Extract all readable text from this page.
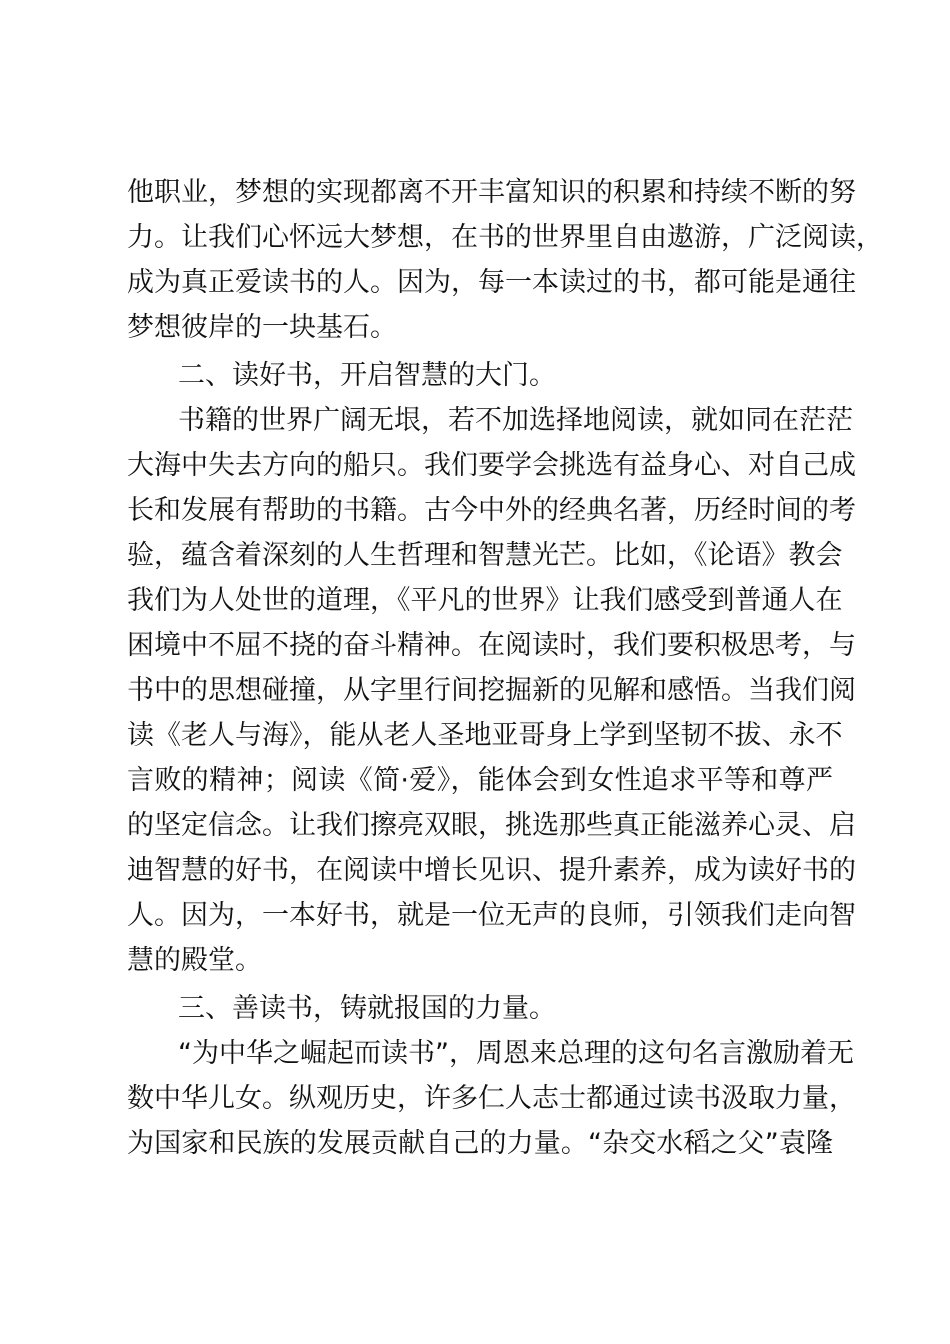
他职业，梦想的实现都离不开丰富知识的积累和持续不断的努
力。让我们心怀远大梦想，在书的世界里自由遨游，广泛阅读，
成为真正爱读书的人。因为，每一本读过的书，都可能是通往
梦想彼岸的一块基石。
二、读好书，开启智慧的大门。
书籍的世界广阔无垠，若不加选择地阅读，就如同在茫茫
大海中失去方向的船只。我们要学会挑选有益身心、对自己成
长和发展有帮助的书籍。古今中外的经典名著，历经时间的考
验，蕴含着深刻的人生哲理和智慧光芒。比如，《论语》教会
我们为人处世的道理，《平凡的世界》让我们感受到普通人在
困境中不屈不挠的奋斗精神。在阅读时，我们要积极思考，与
书中的思想碰撞，从字里行间挖掘新的见解和感悟。当我们阅
读《老人与海》，能从老人圣地亚哥身上学到坚韧不拔、永不
言败的精神；阅读《简·爱》，能体会到女性追求平等和尊严
的坚定信念。让我们擦亮双眼，挑选那些真正能滋养心灵、启
迪智慧的好书，在阅读中增长见识、提升素养，成为读好书的
人。因为，一本好书，就是一位无声的良师，引领我们走向智
慧的殿堂。
三、善读书，铸就报国的力量。
“为中华之崛起而读书”，周恩来总理的这句名言激励着无
数中华儿女。纵观历史，许多仁人志士都通过读书汲取力量，
为国家和民族的发展贡献自己的力量。“杂交水稻之父”袁隆
